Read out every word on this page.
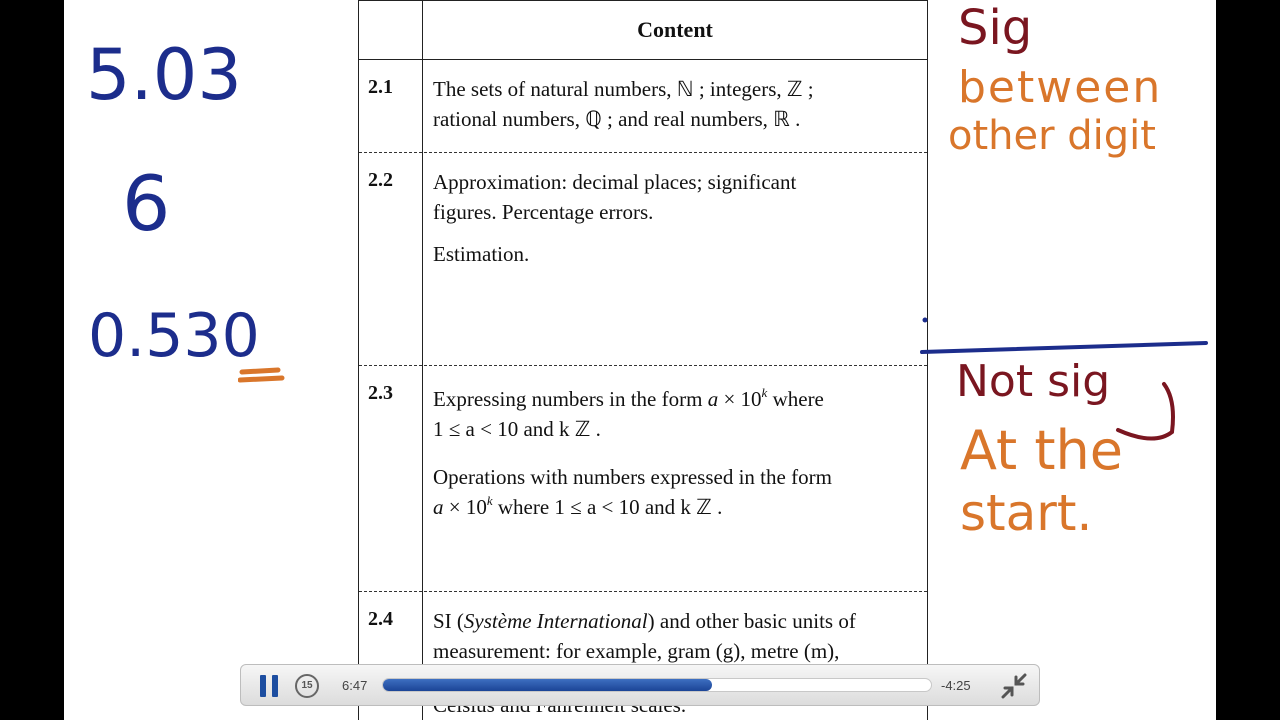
5.03
6
0.530
Content
2.1 The sets of natural numbers, ℕ ; integers, ℤ ;
rational numbers, ℚ ; and real numbers, ℝ .
2.2 Approximation: decimal places; significant
figures. Percentage errors.

Estimation.

2.3 Expressing numbers in the form $a \times 10^k$ where
1 ≤ a < 10 and k ℤ .

Operations with numbers expressed in the form
$a \times 10^k$ where 1 ≤ a < 10 and k ℤ .

2.4 SI (Système International) and other basic units of
measurement: for example, gram (g), metre (m),
Sig
between
other digit
Not sig
At the
start.
15	6:47	-4:25
